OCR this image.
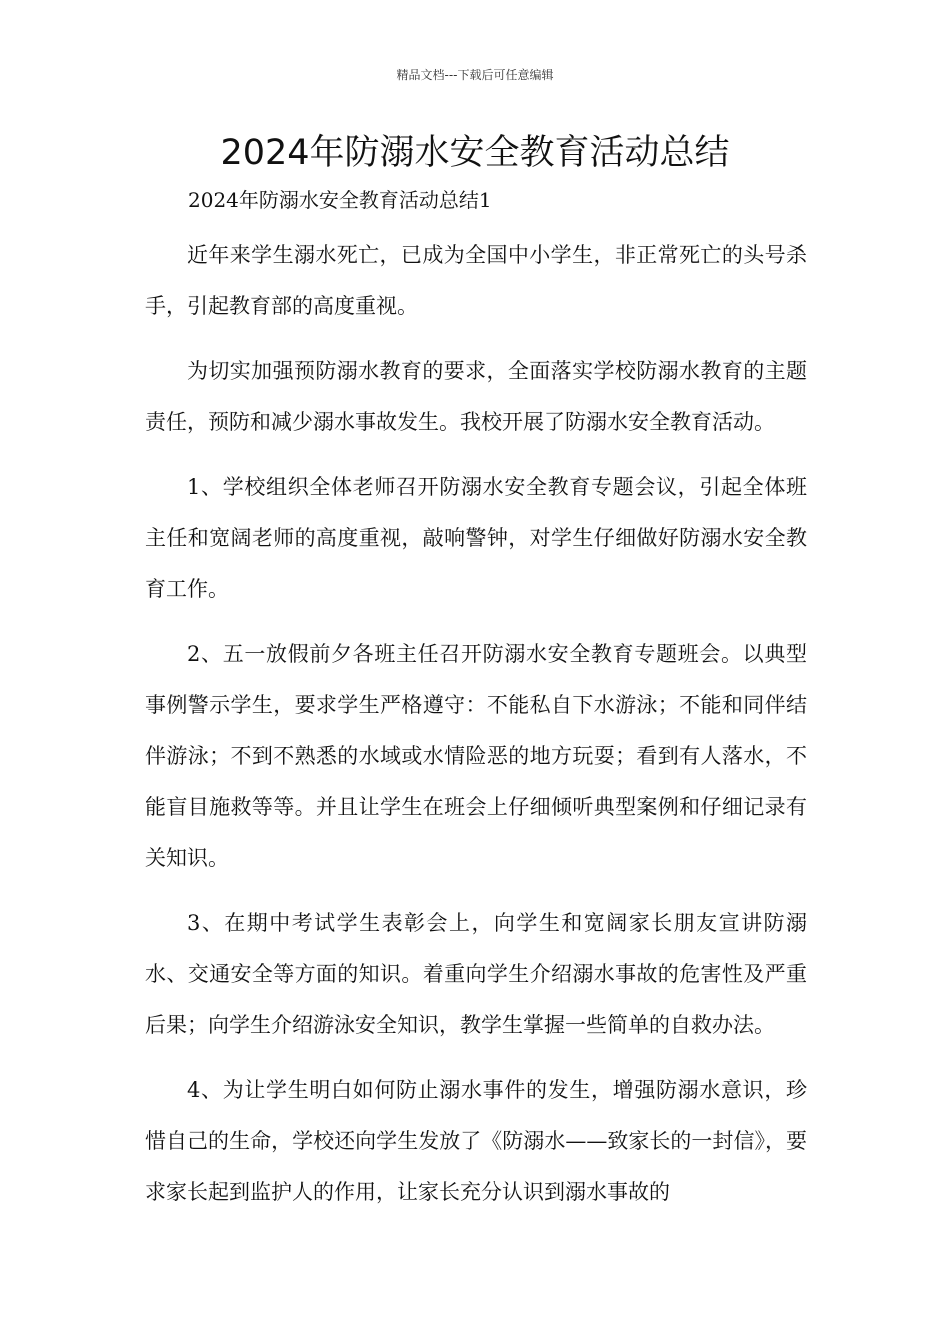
精品文档---下载后可任意编辑
2024年防溺水安全教育活动总结
2024年防溺水安全教育活动总结1

近年来学生溺水死亡，已成为全国中小学生，非正常死亡的头号杀手，引起教育部的高度重视。

为切实加强预防溺水教育的要求，全面落实学校防溺水教育的主题责任，预防和减少溺水事故发生。我校开展了防溺水安全教育活动。

1、学校组织全体老师召开防溺水安全教育专题会议，引起全体班主任和宽阔老师的高度重视，敲响警钟，对学生仔细做好防溺水安全教育工作。

2、五一放假前夕各班主任召开防溺水安全教育专题班会。以典型事例警示学生，要求学生严格遵守：不能私自下水游泳；不能和同伴结伴游泳；不到不熟悉的水域或水情险恶的地方玩耍；看到有人落水，不能盲目施救等等。并且让学生在班会上仔细倾听典型案例和仔细记录有关知识。

3、在期中考试学生表彰会上，向学生和宽阔家长朋友宣讲防溺水、交通安全等方面的知识。着重向学生介绍溺水事故的危害性及严重后果；向学生介绍游泳安全知识，教学生掌握一些简单的自救办法。

4、为让学生明白如何防止溺水事件的发生，增强防溺水意识，珍惜自己的生命，学校还向学生发放了《防溺水——致家长的一封信》，要求家长起到监护人的作用，让家长充分认识到溺水事故的
